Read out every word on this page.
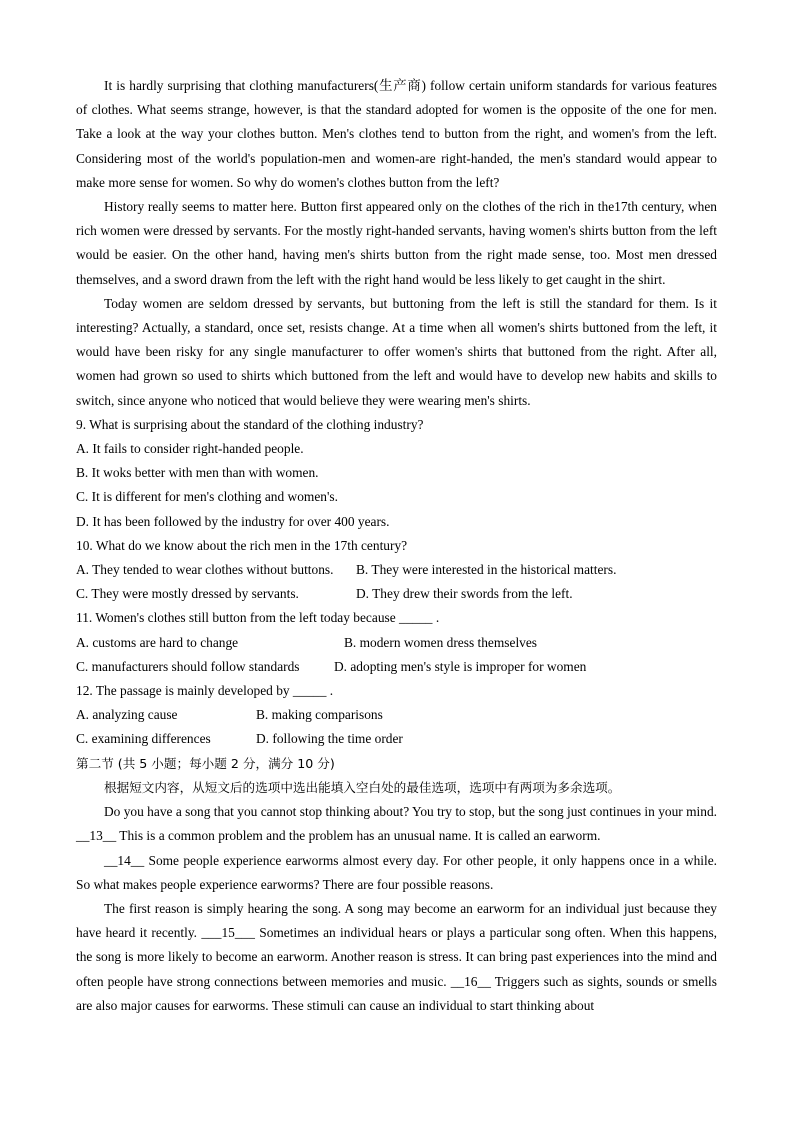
It is hardly surprising that clothing manufacturers(生产商) follow certain uniform standards for various features of clothes. What seems strange, however, is that the standard adopted for women is the opposite of the one for men. Take a look at the way your clothes button. Men's clothes tend to button from the right, and women's from the left. Considering most of the world's population-men and women-are right-handed, the men's standard would appear to make more sense for women. So why do women's clothes button from the left?

History really seems to matter here. Button first appeared only on the clothes of the rich in the17th century, when rich women were dressed by servants. For the mostly right-handed servants, having women's shirts button from the left would be easier. On the other hand, having men's shirts button from the right made sense, too. Most men dressed themselves, and a sword drawn from the left with the right hand would be less likely to get caught in the shirt.

Today women are seldom dressed by servants, but buttoning from the left is still the standard for them. Is it interesting? Actually, a standard, once set, resists change. At a time when all women's shirts buttoned from the left, it would have been risky for any single manufacturer to offer women's shirts that buttoned from the right. After all, women had grown so used to shirts which buttoned from the left and would have to develop new habits and skills to switch, since anyone who noticed that would believe they were wearing men's shirts.

9. What is surprising about the standard of the clothing industry?

A. It fails to consider right-handed people.

B. It woks better with men than with women.

C. It is different for men's clothing and women's.

D. It has been followed by the industry for over 400 years.

10. What do we know about the rich men in the 17th century?

A. They tended to wear clothes without buttons. B. They were interested in the historical matters.
C. They were mostly dressed by servants.	D. They drew their swords from the left.

11. Women's clothes still button from the left today because _____ .

A. customs are hard to change	B. modern women dress themselves
C. manufacturers should follow standards	D. adopting men's style is improper for women

12. The passage is mainly developed by _____ .

A. analyzing cause	B. making comparisons
C. examining differences	D. following the time order

第二节 (共 5 小题；每小题 2 分，满分 10 分)

根据短文内容，从短文后的选项中选出能填入空白处的最佳选项，选项中有两项为多余选项。

Do you have a song that you cannot stop thinking about? You try to stop, but the song just continues in your mind. __13__ This is a common problem and the problem has an unusual name. It is called an earworm.

__14__ Some people experience earworms almost every day. For other people, it only happens once in a while. So what makes people experience earworms? There are four possible reasons.

The first reason is simply hearing the song. A song may become an earworm for an individual just because they have heard it recently. ___15___ Sometimes an individual hears or plays a particular song often. When this happens, the song is more likely to become an earworm. Another reason is stress. It can bring past experiences into the mind and often people have strong connections between memories and music. __16__ Triggers such as sights, sounds or smells are also major causes for earworms. These stimuli can cause an individual to start thinking about
